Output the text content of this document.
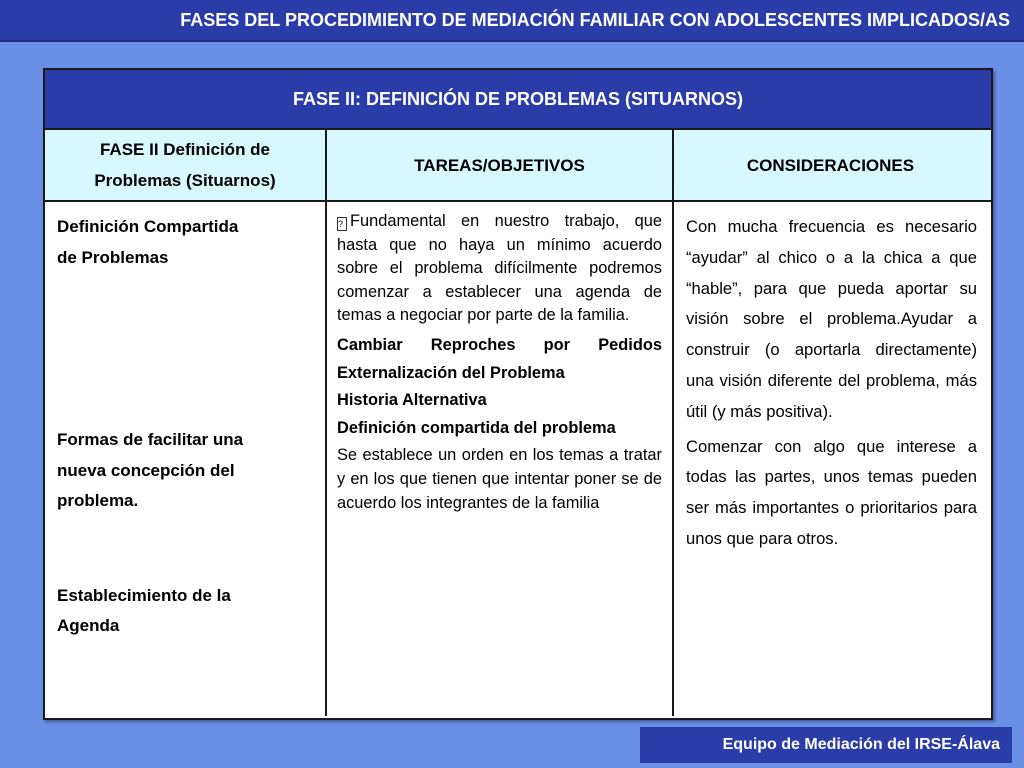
FASES DEL PROCEDIMIENTO DE MEDIACIÓN FAMILIAR CON ADOLESCENTES IMPLICADOS/AS
FASE II: DEFINICIÓN DE PROBLEMAS (SITUARNOS)
FASE II Definición de
Problemas (Situarnos)
TAREAS/OBJETIVOS	CONSIDERACIONES

Definición Compartida
de Problemas

Formas de facilitar una
nueva concepción del
problema.

Establecimiento de la
Agenda

? Fundamental en nuestro trabajo, que hasta que no haya un mínimo acuerdo sobre el problema difícilmente podremos comenzar a establecer una agenda de temas a negociar por parte de la familia.

Cambiar Reproches por Pedidos

Externalización del Problema

Historia Alternativa

Definición compartida del problema

Se establece un orden en los temas a tratar y en los que tienen que intentar poner se de acuerdo los integrantes de la familia

Con mucha frecuencia es necesario “ayudar” al chico o a la chica a que “hable”, para que pueda aportar su visión sobre el problema.Ayudar a construir (o aportarla directamente) una visión diferente del problema, más útil (y más positiva).

Comenzar con algo que interese a todas las partes, unos temas pueden ser más importantes o prioritarios para unos que para otros.

Equipo de Mediación del IRSE-Álava
